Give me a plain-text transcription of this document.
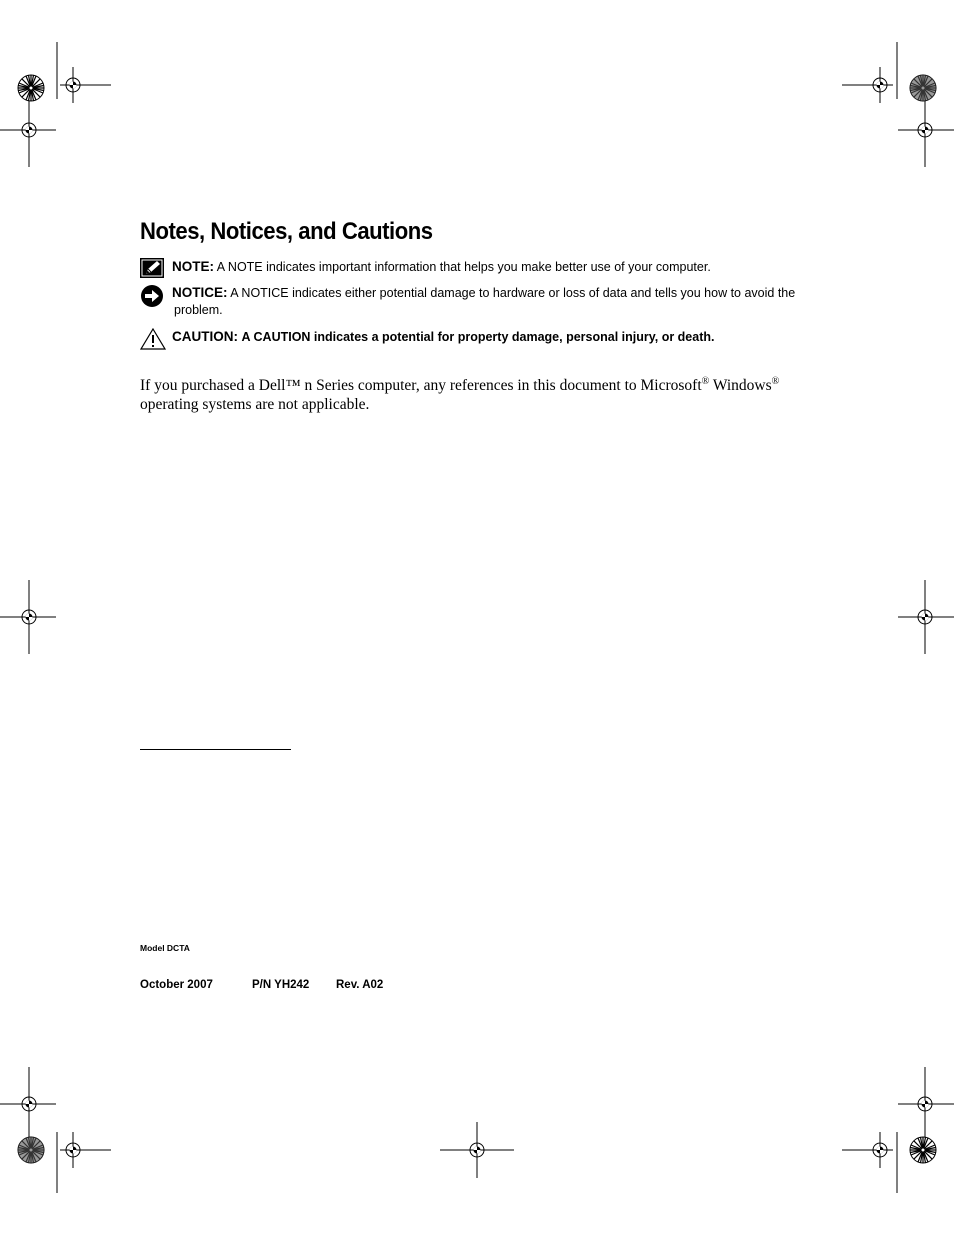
Notes, Notices, and Cautions
NOTE: A NOTE indicates important information that helps you make better use of your computer.
NOTICE: A NOTICE indicates either potential damage to hardware or loss of data and tells you how to avoid the
problem.
CAUTION: A CAUTION indicates a potential for property damage, personal injury, or death.

If you purchased a Dell™ n Series computer, any references in this document to Microsoft® Windows® operating systems are not applicable.

Model DCTA
October 2007	P/N YH242 Rev. A02
